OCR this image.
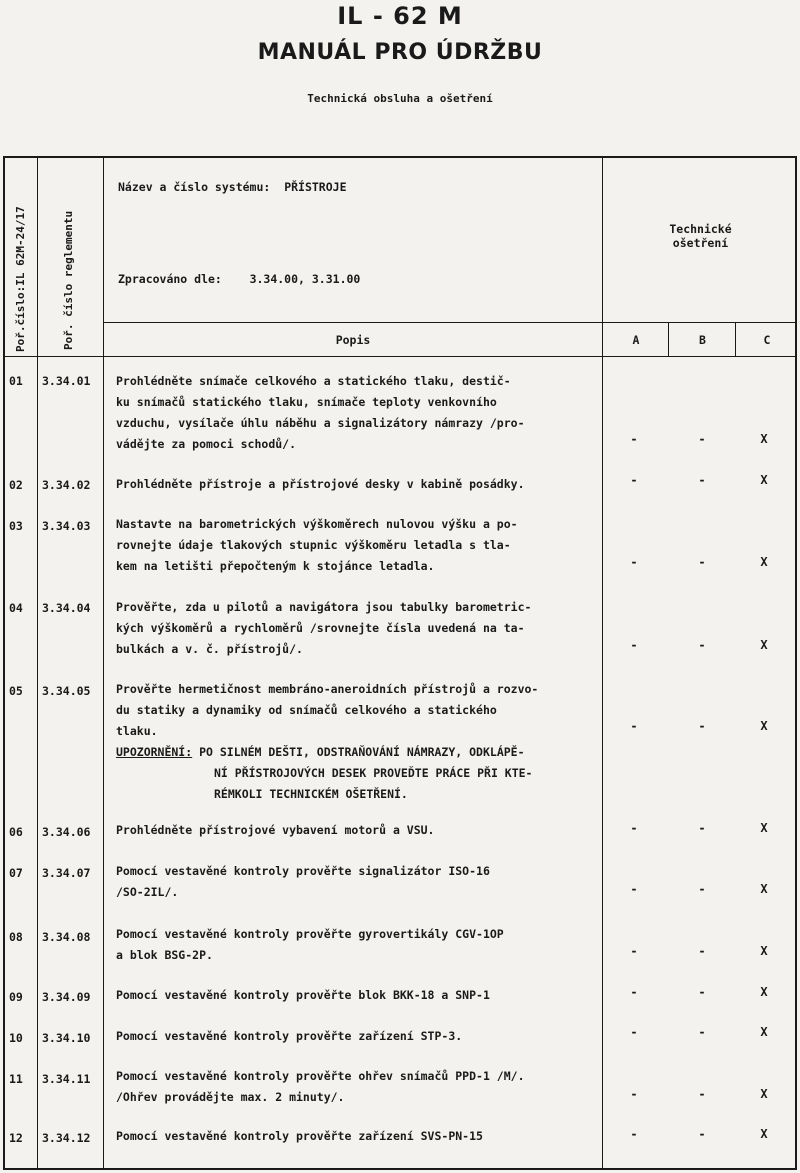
IL - 62 M
MANUÁL PRO ÚDRŽBU
Technická obsluha a ošetření
Poř.číslo:IL 62M-24/17	Poř. číslo reglementu
Název a číslo systému: PŘÍSTROJE
Zpracováno dle: 3.34.00, 3.31.00
Technické
ošetření
Popis	A	B	C
01 3.34.01 Prohlédněte snímače celkového a statického tlaku, destič-
ku snímačů statického tlaku, snímače teploty venkovního
vzduchu, vysílače úhlu náběhu a signalizátory námrazy /pro-
vádějte za pomoci schodů/.	-	-	X
02 3.34.02 Prohlédněte přístroje a přístrojové desky v kabině posádky.	-	-	X
03 3.34.03 Nastavte na barometrických výškoměrech nulovou výšku a po-
rovnejte údaje tlakových stupnic výškoměru letadla s tla-
kem na letišti přepočteným k stojánce letadla.	-	-	X
04 3.34.04 Prověřte, zda u pilotů a navigátora jsou tabulky barometric-
kých výškoměrů a rychloměrů /srovnejte čísla uvedená na ta-
bulkách a v. č. přístrojů/.	-	-	X
05 3.34.05 Prověřte hermetičnost membráno-aneroidních přístrojů a rozvo-
du statiky a dynamiky od snímačů celkového a statického
tlaku.
UPOZORNĚNÍ: PO SILNÉM DEŠTI, ODSTRAŇOVÁNÍ NÁMRAZY, ODKLÁPĚ-
NÍ PŘÍSTROJOVÝCH DESEK PROVEĎTE PRÁCE PŘI KTE-
RÉMKOLI TECHNICKÉM OŠETŘENÍ.
-	-	X
06 3.34.06 Prohlédněte přístrojové vybavení motorů a VSU.	-	-	X
07 3.34.07 Pomocí vestavěné kontroly prověřte signalizátor ISO-16
/SO-2IL/.	-	-	X
08 3.34.08 Pomocí vestavěné kontroly prověřte gyrovertikály CGV-1OP
a blok BSG-2P.	-	-	X
09 3.34.09 Pomocí vestavěné kontroly prověřte blok BKK-18 a SNP-1	-	-	X
10 3.34.10 Pomocí vestavěné kontroly prověřte zařízení STP-3.	-	-	X
11 3.34.11 Pomocí vestavěné kontroly prověřte ohřev snímačů PPD-1 /M/.
/Ohřev provádějte max. 2 minuty/.	-	-	X
12 3.34.12 Pomocí vestavěné kontroly prověřte zařízení SVS-PN-15	-	-	X
